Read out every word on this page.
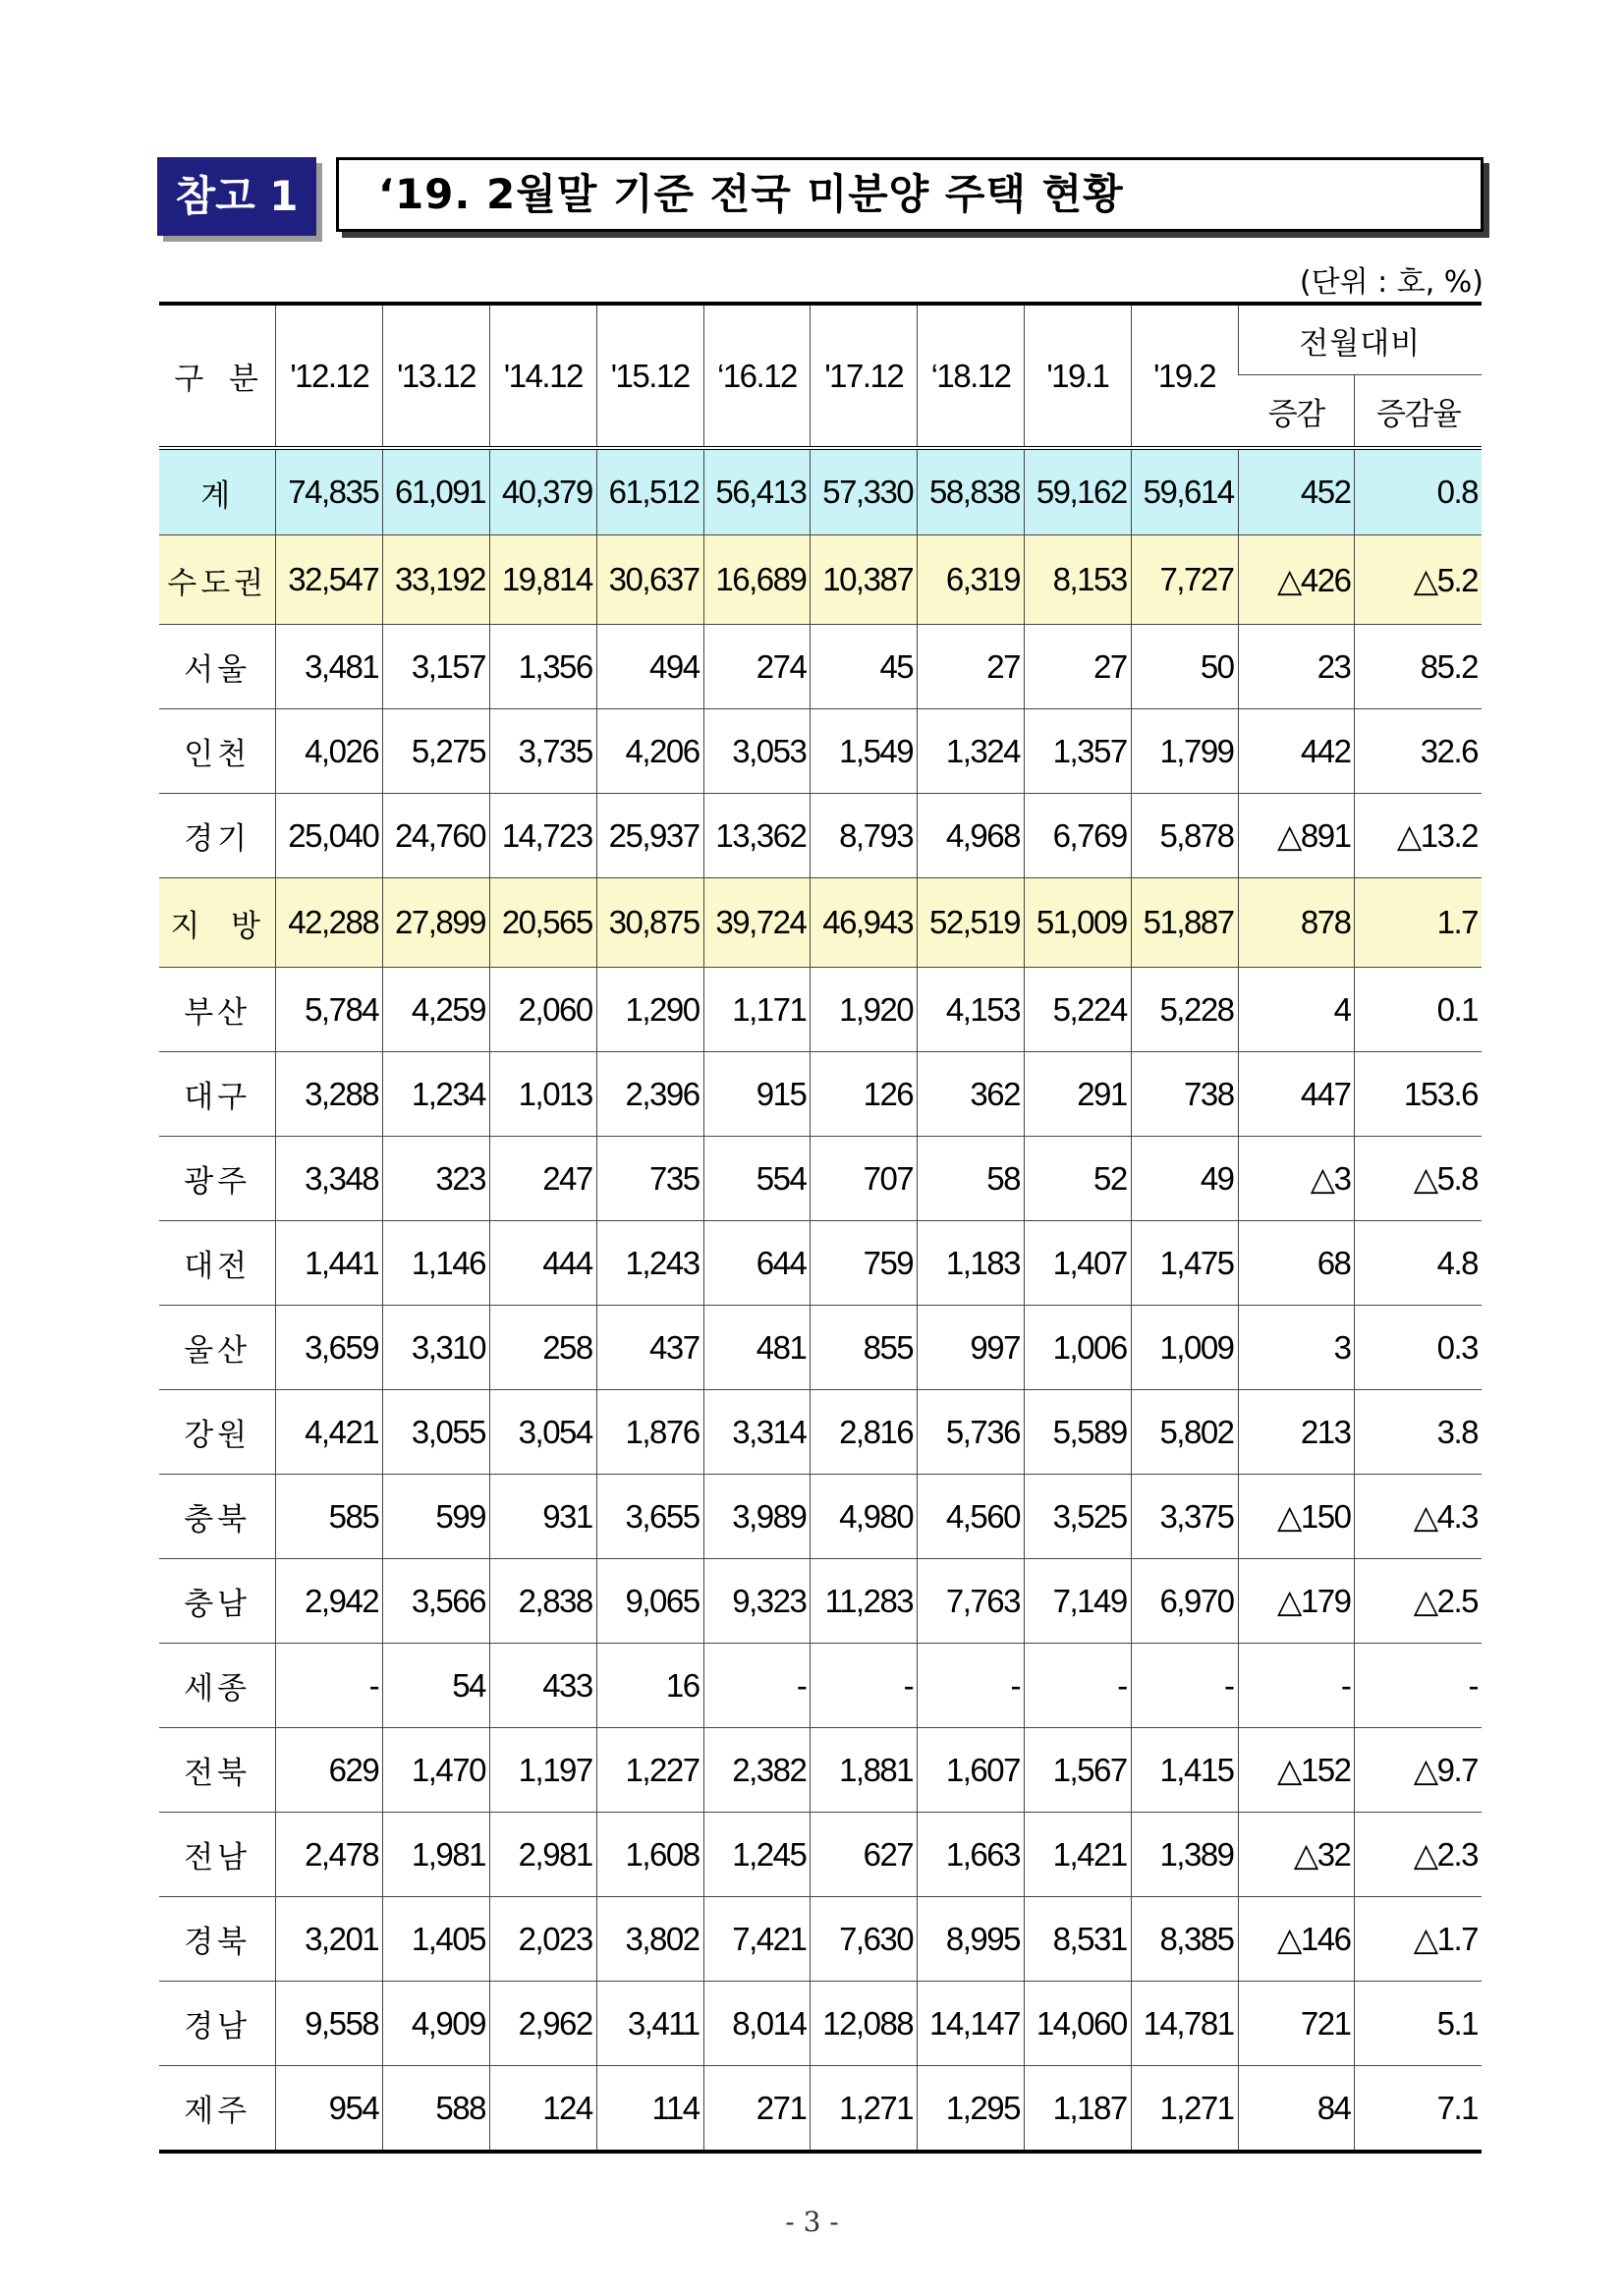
참고 1	‘19. 2월말 기준 전국 미분양 주택 현황
(단위 : 호, %)
구  분	'12.12	'13.12	'14.12	'15.12	‘16.12	'17.12	‘18.12	'19.1	'19.2	전월대비	
										증감	증감율
계	74,835	61,091	40,379	61,512	56,413	57,330	58,838	59,162	59,614	452	0.8
수도권	32,547	33,192	19,814	30,637	16,689	10,387	6,319	8,153	7,727	△426	△5.2
서울	3,481	3,157	1,356	494	274	45	27	27	50	23	85.2
인천	4,026	5,275	3,735	4,206	3,053	1,549	1,324	1,357	1,799	442	32.6
경기	25,040	24,760	14,723	25,937	13,362	8,793	4,968	6,769	5,878	△891	△13.2
지  방	42,288	27,899	20,565	30,875	39,724	46,943	52,519	51,009	51,887	878	1.7
부산	5,784	4,259	2,060	1,290	1,171	1,920	4,153	5,224	5,228	4	0.1
대구	3,288	1,234	1,013	2,396	915	126	362	291	738	447	153.6
광주	3,348	323	247	735	554	707	58	52	49	△3	△5.8
대전	1,441	1,146	444	1,243	644	759	1,183	1,407	1,475	68	4.8
울산	3,659	3,310	258	437	481	855	997	1,006	1,009	3	0.3
강원	4,421	3,055	3,054	1,876	3,314	2,816	5,736	5,589	5,802	213	3.8
충북	585	599	931	3,655	3,989	4,980	4,560	3,525	3,375	△150	△4.3
충남	2,942	3,566	2,838	9,065	9,323	11,283	7,763	7,149	6,970	△179	△2.5
세종	-	54	433	16	-	-	-	-	-	-	-
전북	629	1,470	1,197	1,227	2,382	1,881	1,607	1,567	1,415	△152	△9.7
전남	2,478	1,981	2,981	1,608	1,245	627	1,663	1,421	1,389	△32	△2.3
경북	3,201	1,405	2,023	3,802	7,421	7,630	8,995	8,531	8,385	△146	△1.7
경남	9,558	4,909	2,962	3,411	8,014	12,088	14,147	14,060	14,781	721	5.1
제주	954	588	124	114	271	1,271	1,295	1,187	1,271	84	7.1
- 3 -
